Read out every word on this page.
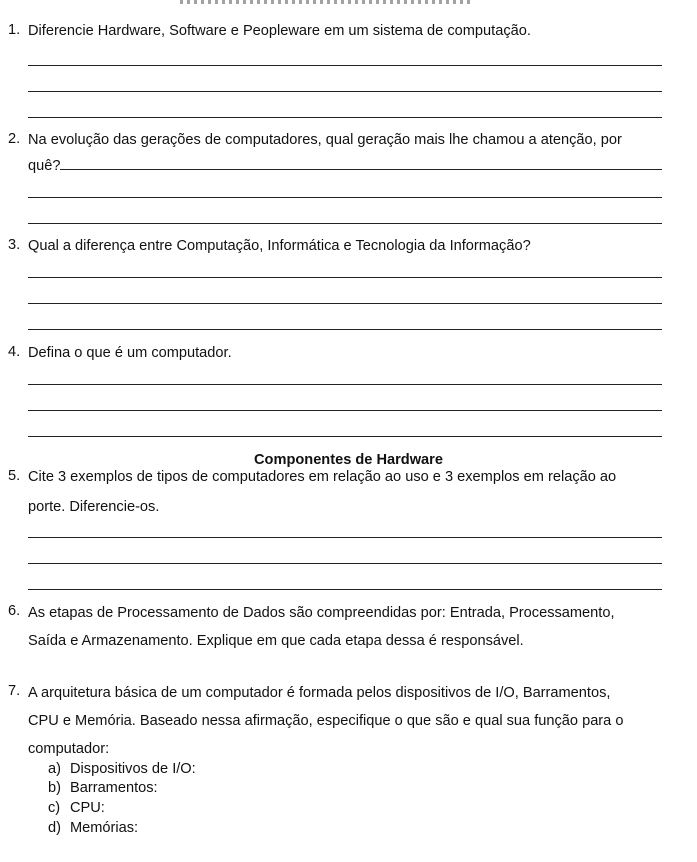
1. Diferencie Hardware, Software e Peopleware em um sistema de computação.
2. Na evolução das gerações de computadores, qual geração mais lhe chamou a atenção, por
quê?
3. Qual a diferença entre Computação, Informática e Tecnologia da Informação?
4. Defina o que é um computador.
Componentes de Hardware
5. Cite 3 exemplos de tipos de computadores em relação ao uso e 3 exemplos em relação ao
porte. Diferencie-os.
6. As etapas de Processamento de Dados são compreendidas por: Entrada, Processamento,
Saída e Armazenamento. Explique em que cada etapa dessa é responsável.
7. A arquitetura básica de um computador é formada pelos dispositivos de I/O, Barramentos,
CPU e Memória. Baseado nessa afirmação, especifique o que são e qual sua função para o
computador:
a) Dispositivos de I/O:
b) Barramentos:
c) CPU:
d) Memórias:
